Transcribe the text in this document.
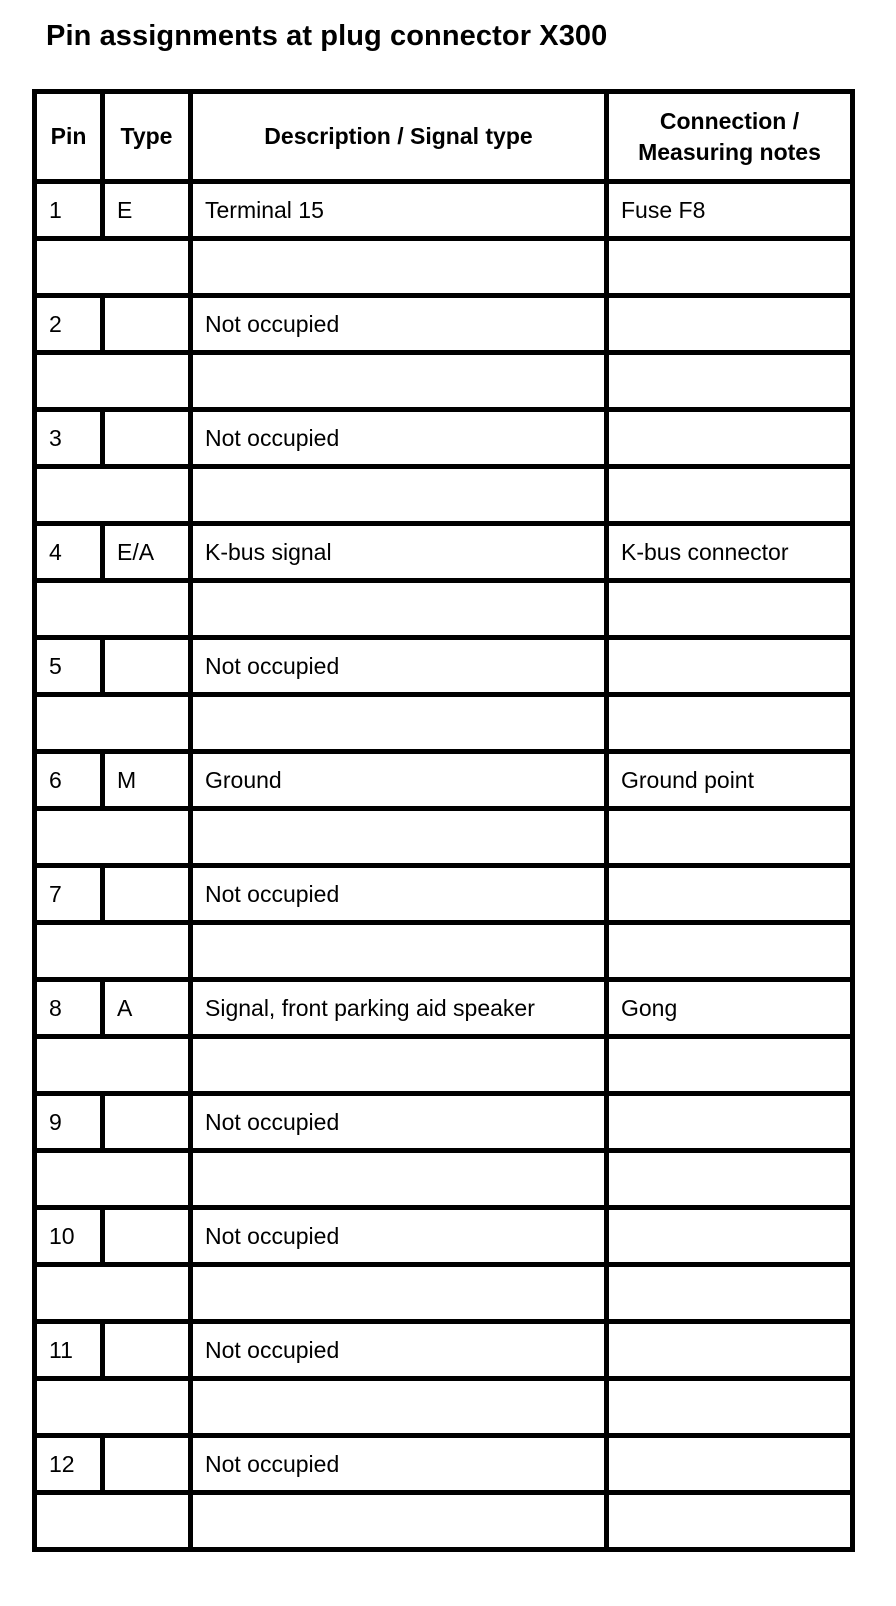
Pin assignments at plug connector X300
Pin	Type	Description / Signal type	Connection / Measuring notes
1	E	Terminal 15	Fuse F8

2		Not occupied	

3		Not occupied	

4	E/A	K-bus signal	K-bus connector

5		Not occupied	

6	M	Ground	Ground point

7		Not occupied	

8	A	Signal, front parking aid speaker	Gong

9		Not occupied	

10		Not occupied	

11		Not occupied	

12		Not occupied	
